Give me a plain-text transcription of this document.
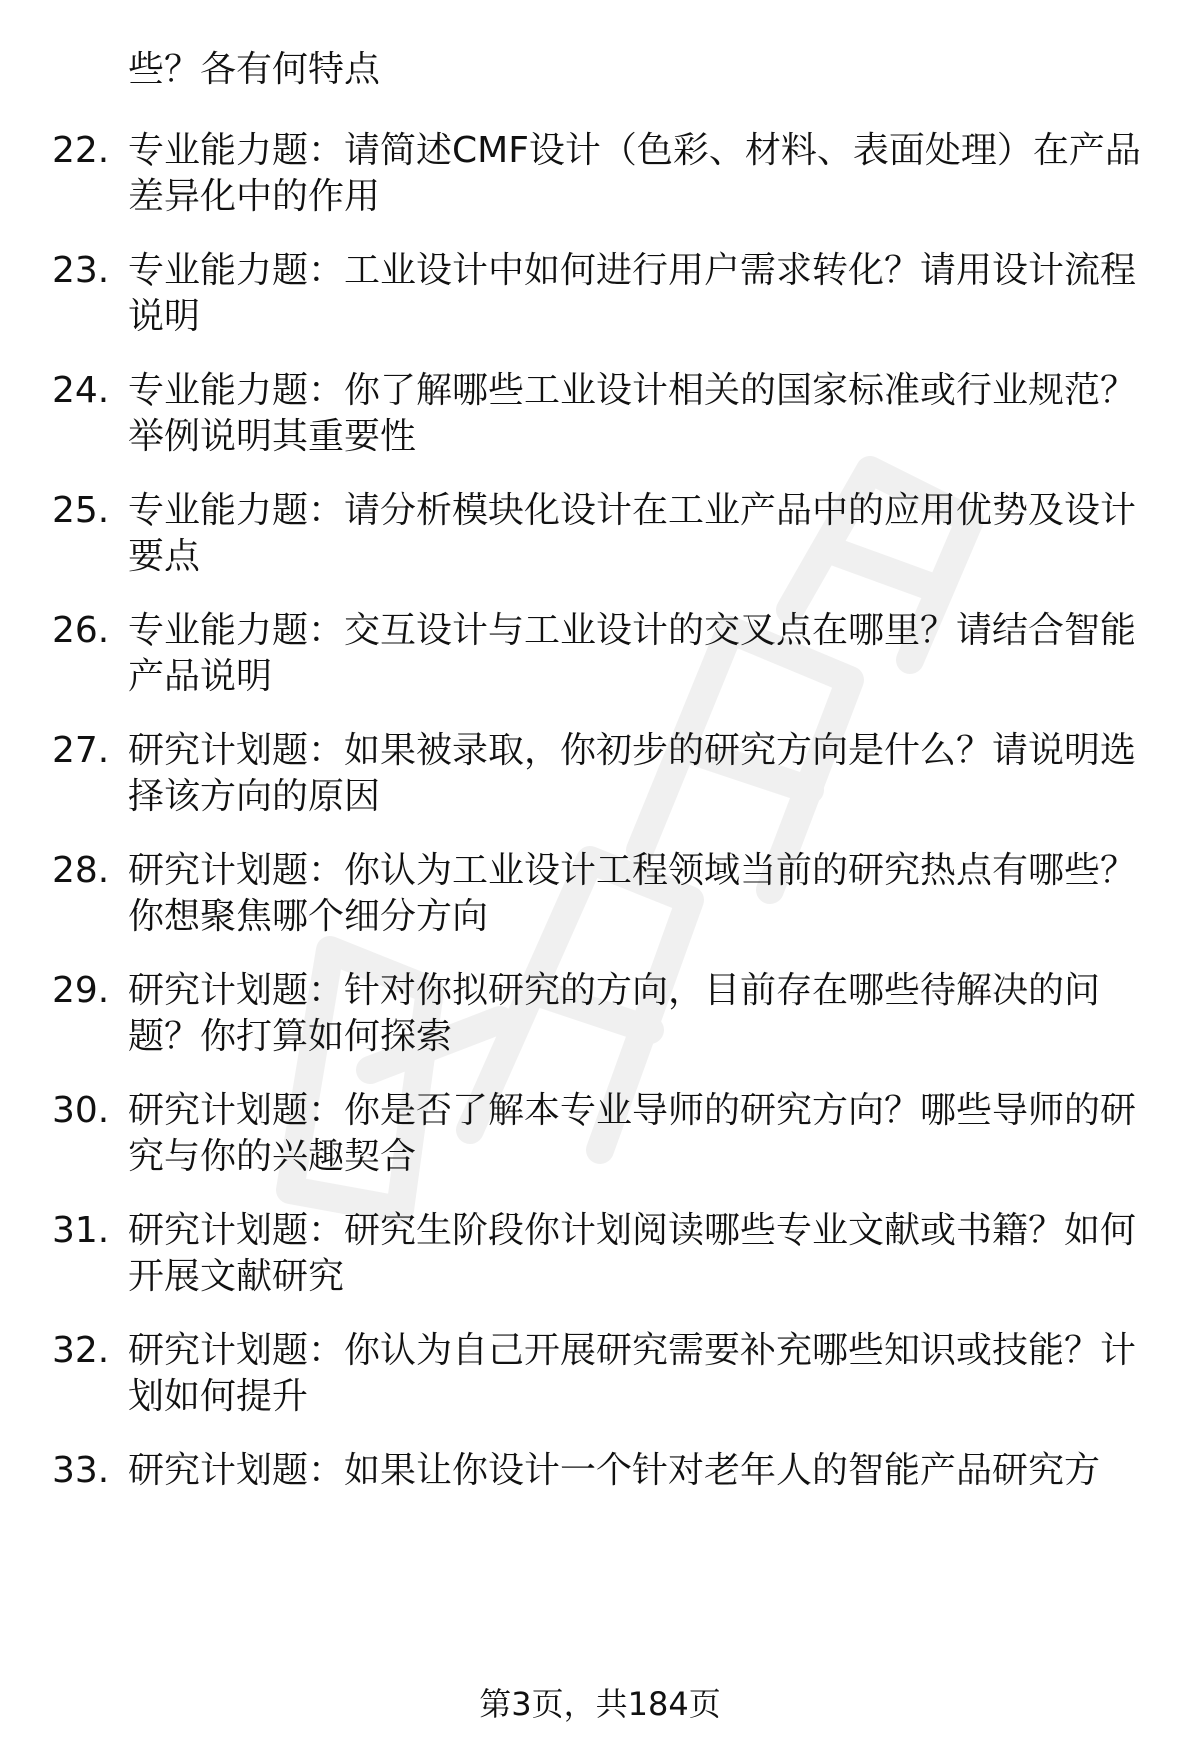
些？各有何特点
22. 专业能力题：请简述CMF设计（色彩、材料、表面处理）在产品
差异化中的作用
23. 专业能力题：工业设计中如何进行用户需求转化？请用设计流程
说明
24. 专业能力题：你了解哪些工业设计相关的国家标准或行业规范？
举例说明其重要性
25. 专业能力题：请分析模块化设计在工业产品中的应用优势及设计
要点
26. 专业能力题：交互设计与工业设计的交叉点在哪里？请结合智能
产品说明
27. 研究计划题：如果被录取，你初步的研究方向是什么？请说明选
择该方向的原因
28. 研究计划题：你认为工业设计工程领域当前的研究热点有哪些？
你想聚焦哪个细分方向
29. 研究计划题：针对你拟研究的方向，目前存在哪些待解决的问
题？你打算如何探索
30. 研究计划题：你是否了解本专业导师的研究方向？哪些导师的研
究与你的兴趣契合
31. 研究计划题：研究生阶段你计划阅读哪些专业文献或书籍？如何
开展文献研究
32. 研究计划题：你认为自己开展研究需要补充哪些知识或技能？计
划如何提升
33. 研究计划题：如果让你设计一个针对老年人的智能产品研究方
第3页，共184页
